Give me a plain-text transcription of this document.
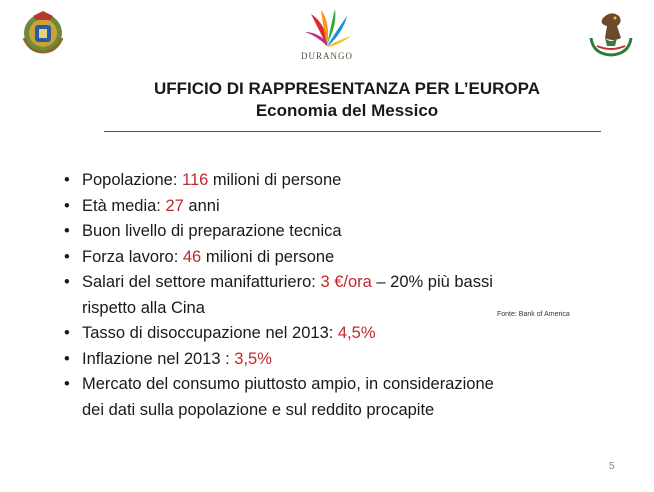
DURANGO
UFFICIO DI RAPPRESENTANZA PER L’EUROPA
Economia del Messico
• Popolazione: 116 milioni di persone
• Età media: 27 anni
• Buon livello di preparazione tecnica
• Forza lavoro: 46 milioni di persone
• Salari del settore manifatturiero: 3 €/ora – 20% più bassi
rispetto alla Cina
• Tasso di disoccupazione nel 2013: 4,5%
• Inflazione nel 2013 : 3,5%
• Mercato del consumo piuttosto ampio, in considerazione
dei dati sulla popolazione e sul reddito procapite
Fonte: Bank of America
5
